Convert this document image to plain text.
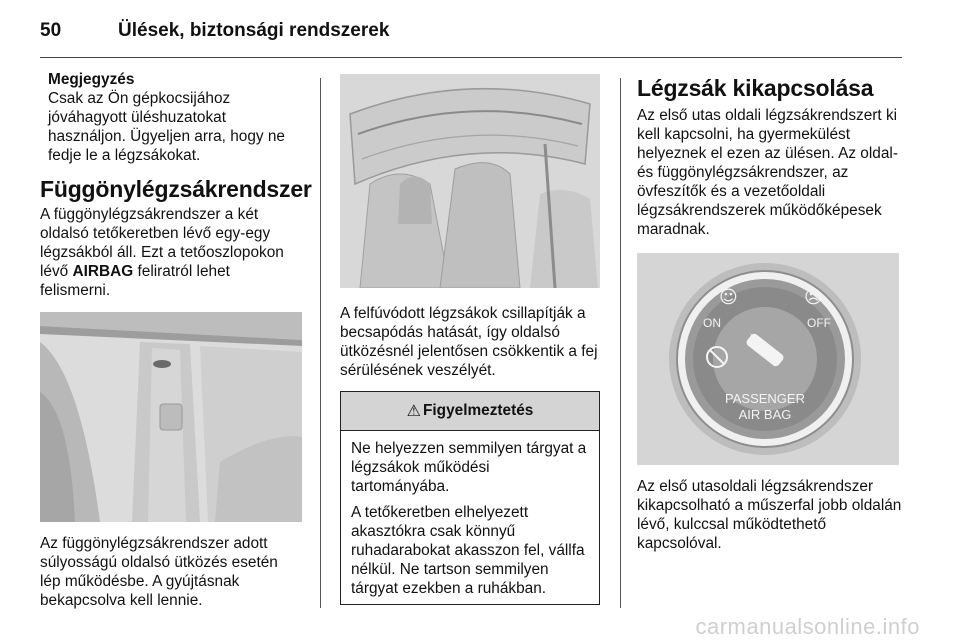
50	Ülések, biztonsági rendszerek
Megjegyzés

Csak az Ön gépkocsijához jóváhagyott üléshuzatokat használjon. Ügyeljen arra, hogy ne fedje le a légzsákokat.

Függönylégzsákrendszer

A függönylégzsákrendszer a két oldalsó tetőkeretben lévő egy-egy légzsákból áll. Ezt a tetőoszlopokon lévő AIRBAG feliratról lehet felismerni.

Az függönylégzsákrendszer adott súlyosságú oldalsó ütközés esetén lép működésbe. A gyújtásnak bekapcsolva kell lennie.

A felfúvódott légzsákok csillapítják a becsapódás hatását, így oldalsó ütközésnél jelentősen csökkentik a fej sérülésének veszélyét.

⚠ Figyelmeztetés

Ne helyezzen semmilyen tárgyat a légzsákok működési tartományába.

A tetőkeretben elhelyezett akasztókra csak könnyű ruhadarabokat akasszon fel, vállfa nélkül. Ne tartson semmilyen tárgyat ezekben a ruhákban.

Légzsák kikapcsolása

Az első utas oldali légzsákrendszert ki kell kapcsolni, ha gyermekülést helyeznek el ezen az ülésen. Az oldal- és függönylégzsákrendszer, az övfeszítők és a vezetőoldali légzsákrendszerek működőképesek maradnak.

☺	☹
ON	OFF
PASSENGER
AIR BAG

Az első utasoldali légzsákrendszer kikapcsolható a műszerfal jobb oldalán lévő, kulccsal működtethető kapcsolóval.

carmanualsonline.info
